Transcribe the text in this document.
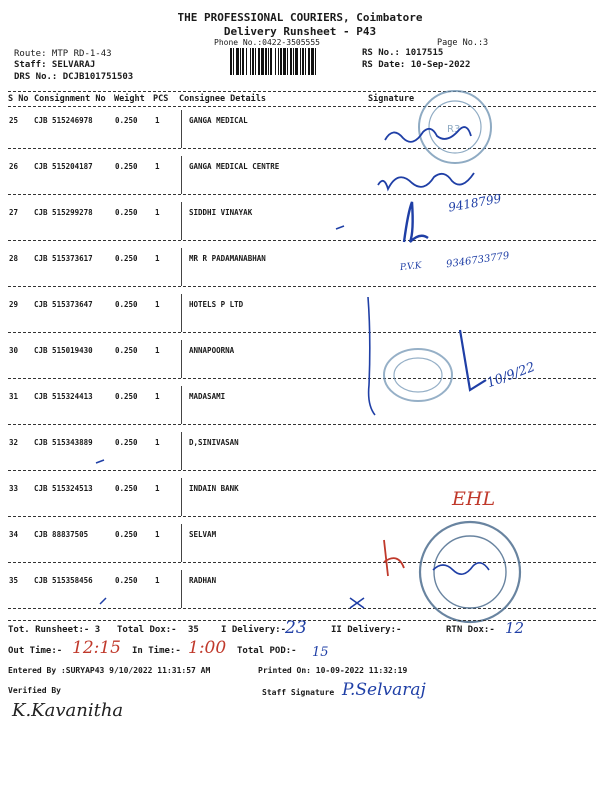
THE PROFESSIONAL COURIERS, Coimbatore
Delivery Runsheet - P43
Phone No.:0422-3505555	Page No.:3
Route: MTP RD-1-43
Staff: SELVARAJ
DRS No.: DCJB101751503
RS No.: 1017515
RS Date: 10-Sep-2022
S No Consignment No Weight PCS Consignee Details	Signature
25 CJB 515246978	0.250 1	GANGA MEDICAL
26 CJB 515204187	0.250 1	GANGA MEDICAL CENTRE
27 CJB 515299278	0.250 1	SIDDHI VINAYAK
28 CJB 515373617	0.250 1	MR R PADAMANABHAN
29 CJB 515373647	0.250 1	HOTELS P LTD
30 CJB 515019430	0.250 1	ANNAPOORNA
31 CJB 515324413	0.250 1	MADASAMI
32 CJB 515343889	0.250 1	D,SINIVASAN
33 CJB 515324513	0.250 1	INDAIN BANK
34 CJB 88837505	0.250 1	SELVAM
35 CJB 515358456	0.250 1	RADHAN
R3
9418799
P.V.K 9346733779
10/9/22
EHL
Tot. Runsheet:- 3 Total Dox:- 35 I Delivery:-
23	II Delivery:-	RTN Dox:- 12
Out Time:- 12:15 In Time:- 1:00 Total POD:- 15
Entered By :SURYAP43 9/10/2022 11:31:57 AM	Printed On: 10-09-2022 11:32:19
Verified By
K.Kavanitha
Staff Signature P.Selvaraj
